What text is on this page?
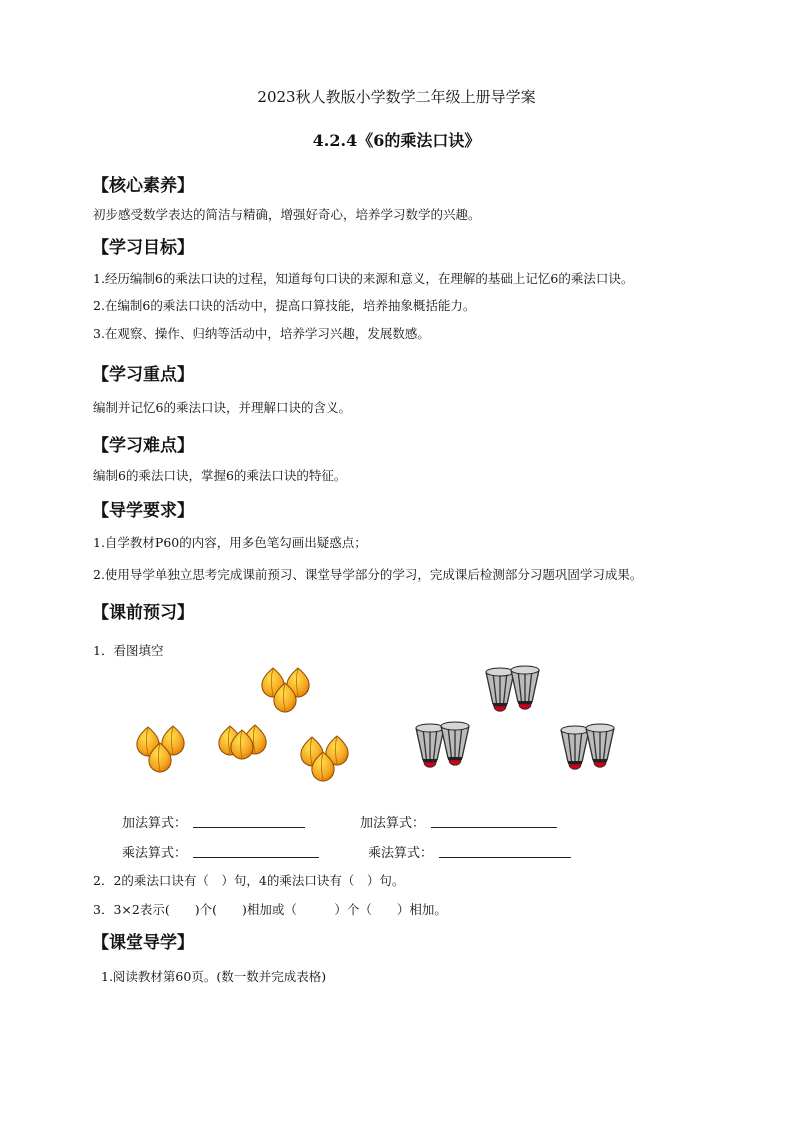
2023秋人教版小学数学二年级上册导学案
4.2.4《6的乘法口诀》
【核心素养】
初步感受数学表达的简洁与精确，增强好奇心，培养学习数学的兴趣。
【学习目标】
1.经历编制6的乘法口诀的过程，知道每句口诀的来源和意义，在理解的基础上记忆6的乘法口诀。
2.在编制6的乘法口诀的活动中，提高口算技能，培养抽象概括能力。
3.在观察、操作、归纳等活动中，培养学习兴趣，发展数感。
【学习重点】
编制并记忆6的乘法口诀，并理解口诀的含义。
【学习难点】
编制6的乘法口诀，掌握6的乘法口诀的特征。
【导学要求】
1.自学教材P60的内容，用多色笔勾画出疑惑点；
2.使用导学单独立思考完成课前预习、课堂导学部分的学习，完成课后检测部分习题巩固学习成果。
【课前预习】
1．看图填空
加法算式：	加法算式：
乘法算式：	乘法算式：
2．2的乘法口诀有（　）句，4的乘法口诀有（　）句。
3．3×2表示(　　)个(　　)相加或（　　　）个（　　）相加。
【课堂导学】
1.阅读教材第60页。(数一数并完成表格)
